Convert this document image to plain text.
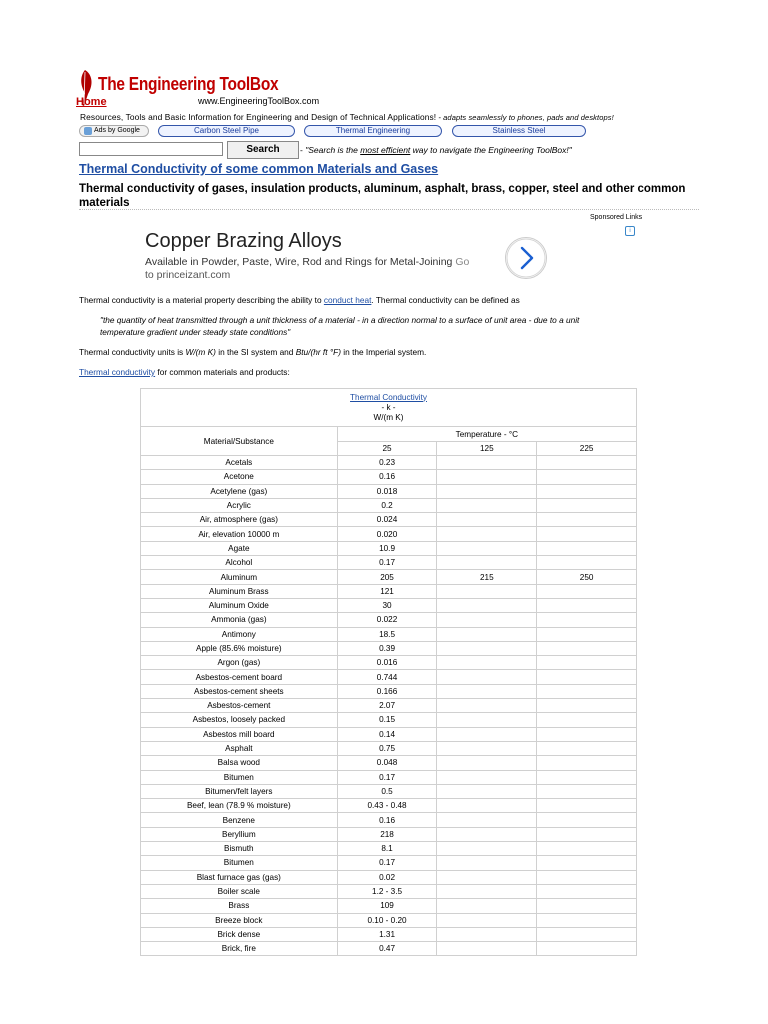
The Engineering ToolBox
Home	www.EngineeringToolBox.com
Resources, Tools and Basic Information for Engineering and Design of Technical Applications! - adapts seamlessly to phones, pads and desktops!
Ads by Google	Carbon Steel Pipe	Thermal Engineering	Stainless Steel
Search	- "Search is the most efficient way to navigate the Engineering ToolBox!"
Thermal Conductivity of some common Materials and Gases
Thermal conductivity of gases, insulation products, aluminum, asphalt, brass, copper, steel and other common materials
Sponsored Links
i
Copper Brazing Alloys
Available in Powder, Paste, Wire, Rod and Rings for Metal-Joining Go
to princeizant.com
Thermal conductivity is a material property describing the ability to conduct heat. Thermal conductivity can be defined as
"the quantity of heat transmitted through a unit thickness of a material - in a direction normal to a surface of unit area - due to a unit
temperature gradient under steady state conditions"
Thermal conductivity units is W/(m K) in the SI system and Btu/(hr ft °F) in the Imperial system.
Thermal conductivity for common materials and products:
Thermal Conductivity
- k -
W/(m K)			

Material/Substance	Temperature - °C		
	25	125	225
Acetals	0.23		
Acetone	0.16		
Acetylene (gas)	0.018		
Acrylic	0.2		
Air, atmosphere (gas)	0.024		
Air, elevation 10000 m	0.020		
Agate	10.9		
Alcohol	0.17		
Aluminum	205	215	250
Aluminum Brass	121		
Aluminum Oxide	30		
Ammonia (gas)	0.022		
Antimony	18.5		
Apple (85.6% moisture)	0.39		
Argon (gas)	0.016		
Asbestos-cement board	0.744		
Asbestos-cement sheets	0.166		
Asbestos-cement	2.07		
Asbestos, loosely packed	0.15		
Asbestos mill board	0.14		
Asphalt	0.75		
Balsa wood	0.048		
Bitumen	0.17		
Bitumen/felt layers	0.5		
Beef, lean (78.9 % moisture)	0.43 - 0.48		
Benzene	0.16		
Beryllium	218		
Bismuth	8.1		
Bitumen	0.17		
Blast furnace gas (gas)	0.02		
Boiler scale	1.2 - 3.5		
Brass	109		
Breeze block	0.10 - 0.20		
Brick dense	1.31		
Brick, fire	0.47		
